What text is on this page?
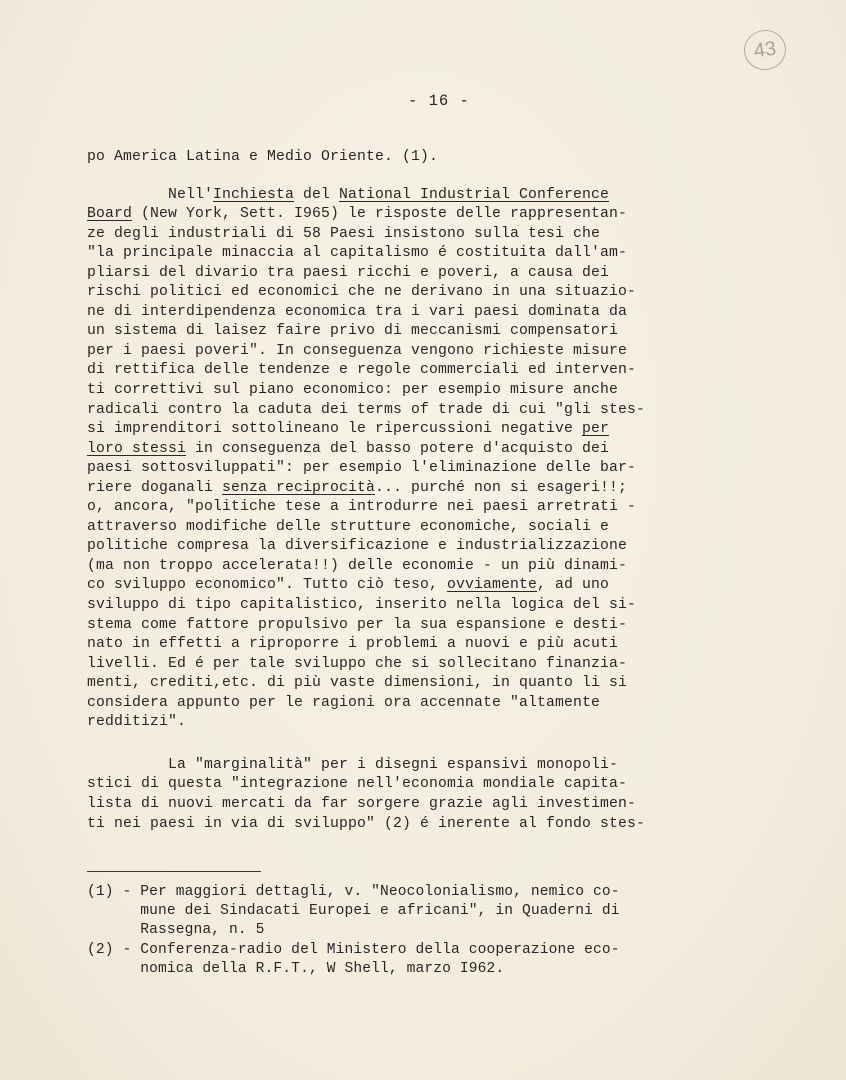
43
- 16 -
po America Latina e Medio Oriente. (1).
Nell'Inchiesta del National Industrial Conference
Board (New York, Sett. I965) le risposte delle rappresentan-
ze degli industriali di 58 Paesi insistono sulla tesi che
"la principale minaccia al capitalismo é costituita dall'am-
pliarsi del divario tra paesi ricchi e poveri, a causa dei
rischi politici ed economici che ne derivano in una situazio-
ne di interdipendenza economica tra i vari paesi dominata da
un sistema di laisez faire privo di meccanismi compensatori
per i paesi poveri". In conseguenza vengono richieste misure
di rettifica delle tendenze e regole commerciali ed interven-
ti correttivi sul piano economico: per esempio misure anche
radicali contro la caduta dei terms of trade di cui "gli stes-
si imprenditori sottolineano le ripercussioni negative per
loro stessi in conseguenza del basso potere d'acquisto dei
paesi sottosviluppati": per esempio l'eliminazione delle bar-
riere doganali senza reciprocità... purché non si esageri!!;
o, ancora, "politiche tese a introdurre nei paesi arretrati -
attraverso modifiche delle strutture economiche, sociali e
politiche compresa la diversificazione e industrializzazione
(ma non troppo accelerata!!) delle economie - un più dinami-
co sviluppo economico". Tutto ciò teso, ovviamente, ad uno
sviluppo di tipo capitalistico, inserito nella logica del si-
stema come fattore propulsivo per la sua espansione e desti-
nato in effetti a riproporre i problemi a nuovi e più acuti
livelli. Ed é per tale sviluppo che si sollecitano finanzia-
menti, crediti,etc. di più vaste dimensioni, in quanto li si
considera appunto per le ragioni ora accennate "altamente
redditizi".
La "marginalità" per i disegni espansivi monopoli-
stici di questa "integrazione nell'economia mondiale capita-
lista di nuovi mercati da far sorgere grazie agli investimen-
ti nei paesi in via di sviluppo" (2) é inerente al fondo stes-
(1) - Per maggiori dettagli, v. "Neocolonialismo, nemico co-
mune dei Sindacati Europei e africani", in Quaderni di
Rassegna, n. 5
(2) - Conferenza-radio del Ministero della cooperazione eco-
nomica della R.F.T., W Shell, marzo I962.
